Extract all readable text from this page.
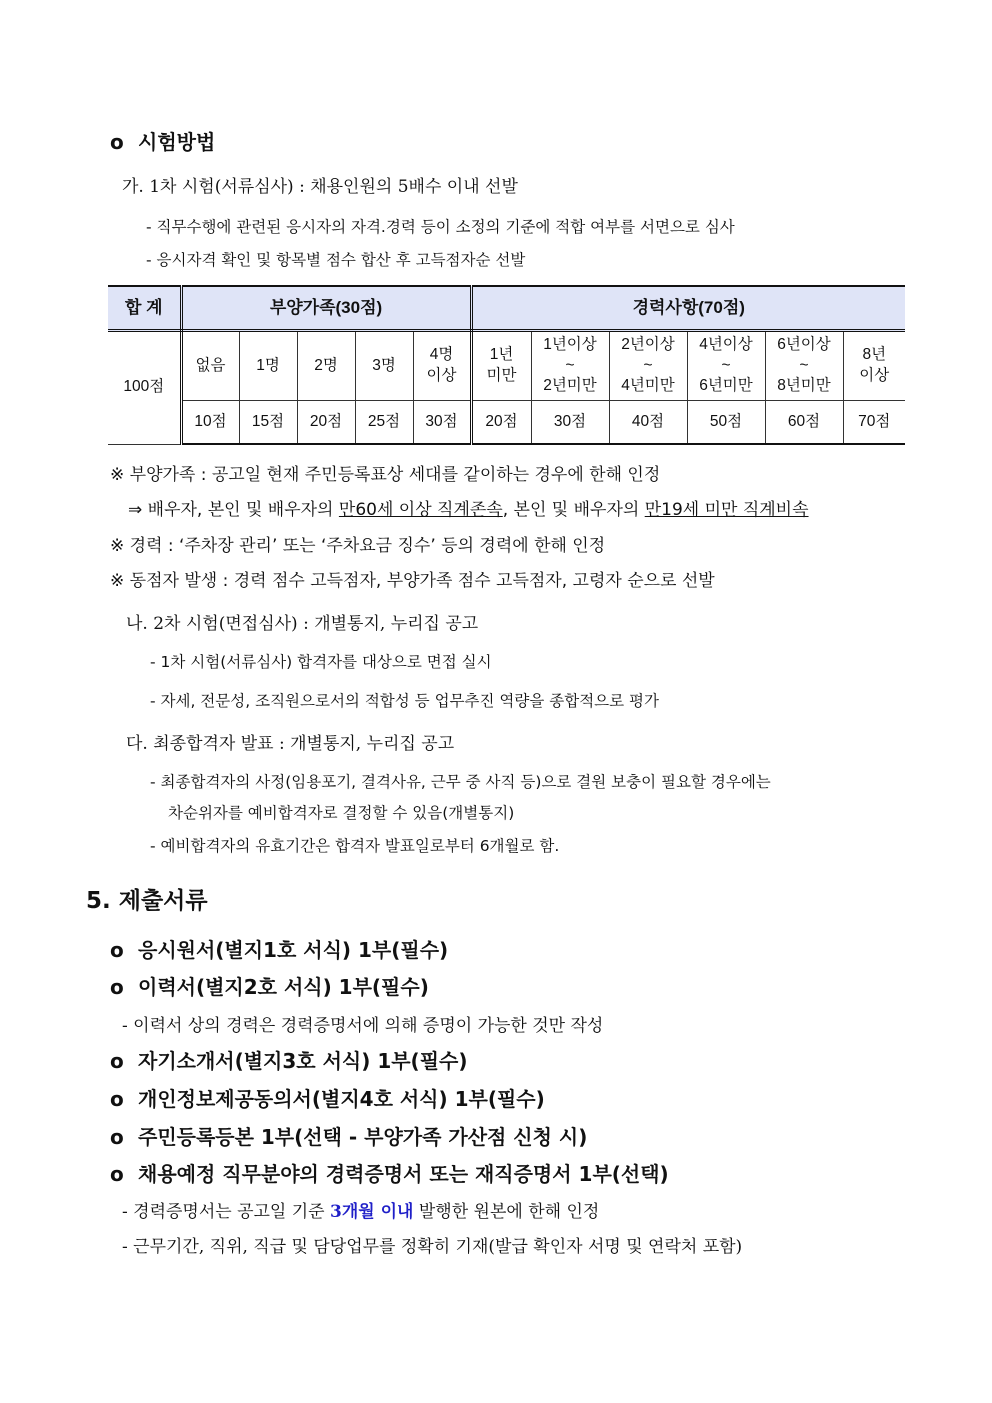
o 시험방법
가. 1차 시험(서류심사) : 채용인원의 5배수 이내 선발
- 직무수행에 관련된 응시자의 자격.경력 등이 소정의 기준에 적합 여부를 서면으로 심사
- 응시자격 확인 및 항목별 점수 합산 후 고득점자순 선발
합 계	부양가족(30점)					경력사항(70점)					
100점	없음	1명	2명	3명	4명 이상	1년 미만	1년이상 ~ 2년미만	2년이상 ~ 4년미만	4년이상 ~ 6년미만	6년이상 ~ 8년미만	8년 이상
	10점	15점	20점	25점	30점	20점	30점	40점	50점	60점	70점
※ 부양가족 : 공고일 현재 주민등록표상 세대를 같이하는 경우에 한해 인정
⇒ 배우자, 본인 및 배우자의 만60세 이상 직계존속, 본인 및 배우자의 만19세 미만 직계비속
※ 경력 : ‘주차장 관리’ 또는 ‘주차요금 징수’ 등의 경력에 한해 인정
※ 동점자 발생 : 경력 점수 고득점자, 부양가족 점수 고득점자, 고령자 순으로 선발
나. 2차 시험(면접심사) : 개별통지, 누리집 공고
- 1차 시험(서류심사) 합격자를 대상으로 면접 실시
- 자세, 전문성, 조직원으로서의 적합성 등 업무추진 역량을 종합적으로 평가
다. 최종합격자 발표 : 개별통지, 누리집 공고
- 최종합격자의 사정(임용포기, 결격사유, 근무 중 사직 등)으로 결원 보충이 필요할 경우에는
차순위자를 예비합격자로 결정할 수 있음(개별통지)
- 예비합격자의 유효기간은 합격자 발표일로부터 6개월로 함.
5. 제출서류
o 응시원서(별지1호 서식) 1부(필수)
o 이력서(별지2호 서식) 1부(필수)
- 이력서 상의 경력은 경력증명서에 의해 증명이 가능한 것만 작성
o 자기소개서(별지3호 서식) 1부(필수)
o 개인정보제공동의서(별지4호 서식) 1부(필수)
o 주민등록등본 1부(선택 - 부양가족 가산점 신청 시)
o 채용예정 직무분야의 경력증명서 또는 재직증명서 1부(선택)
- 경력증명서는 공고일 기준 3개월 이내 발행한 원본에 한해 인정
- 근무기간, 직위, 직급 및 담당업무를 정확히 기재(발급 확인자 서명 및 연락처 포함)
